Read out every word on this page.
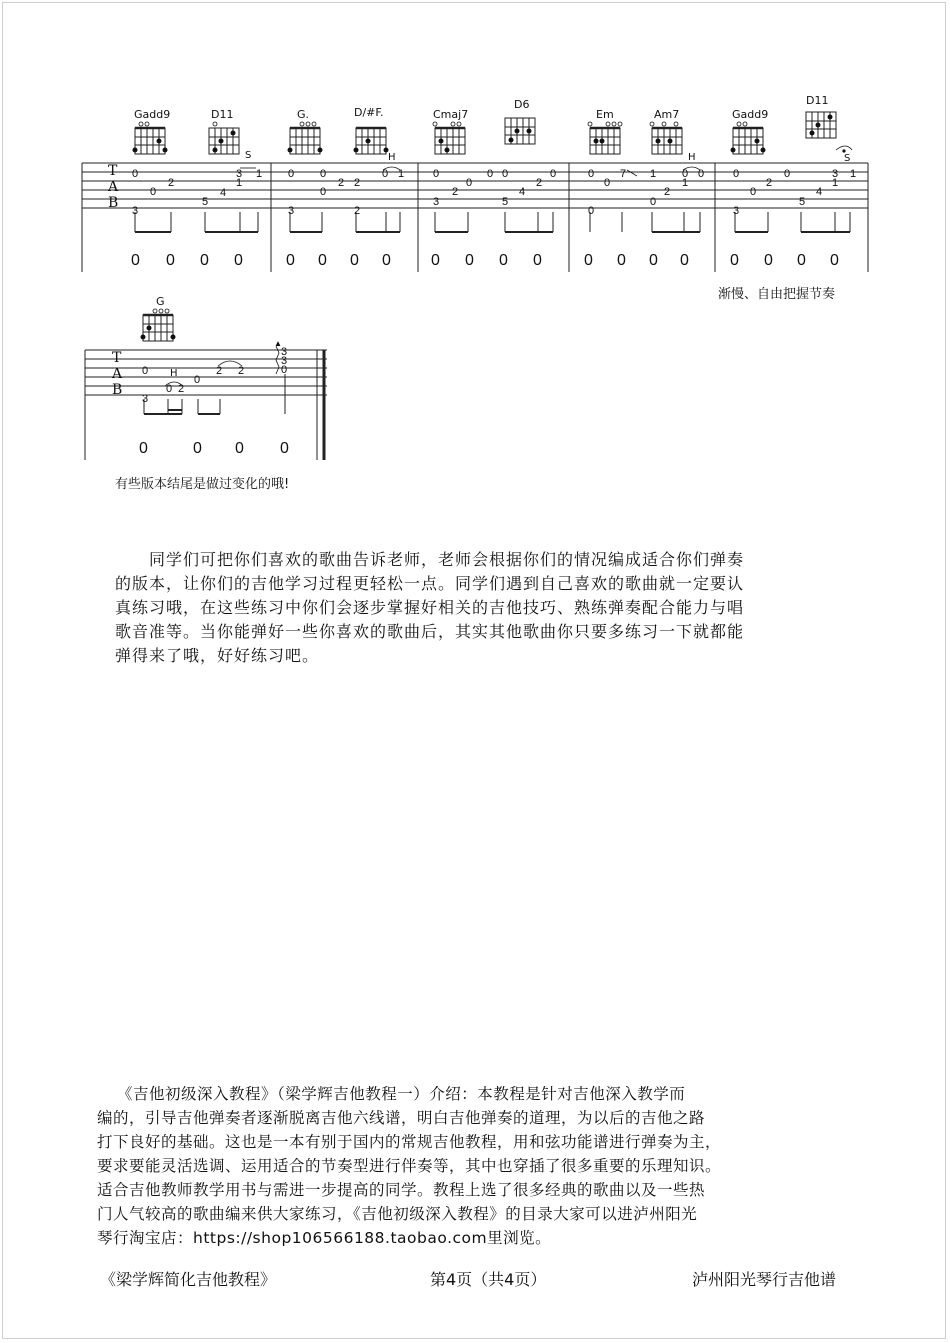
Gadd9	D11	G.	D/#F.	Cmaj7
D6
Em	Am7	Gadd9
D11
0
0
2
3
5
4
3
1
1 0 0
0
2 2
3	2
0 1	0
2
0
3
0 0
5
4
2
0	0
0
7
0
1
2
0
0
1
0	0
0
2
3
0
5
4
3
1
1
S	H	H	S
T
A
B
0 0 0 0	0 0 0 0	0 0 0 0	0 0 0 0	0 0 0 0
渐慢、自由把握节奏
G
0
3
0 2
0
2 2
3
3
0
H
T
A
B
0	0 0 0
有些版本结尾是做过变化的哦!
同学们可把你们喜欢的歌曲告诉老师，老师会根据你们的情况编成适合你们弹奏
的版本，让你们的吉他学习过程更轻松一点。同学们遇到自己喜欢的歌曲就一定要认
真练习哦，在这些练习中你们会逐步掌握好相关的吉他技巧、熟练弹奏配合能力与唱
歌音准等。当你能弹好一些你喜欢的歌曲后，其实其他歌曲你只要多练习一下就都能
弹得来了哦，好好练习吧。
《吉他初级深入教程》（梁学辉吉他教程一）介绍：本教程是针对吉他深入教学而
编的，引导吉他弹奏者逐渐脱离吉他六线谱，明白吉他弹奏的道理，为以后的吉他之路
打下良好的基础。这也是一本有别于国内的常规吉他教程，用和弦功能谱进行弹奏为主，
要求要能灵活选调、运用适合的节奏型进行伴奏等，其中也穿插了很多重要的乐理知识。
适合吉他教师教学用书与需进一步提高的同学。教程上选了很多经典的歌曲以及一些热
门人气较高的歌曲编来供大家练习，《吉他初级深入教程》的目录大家可以进泸州阳光
琴行淘宝店：https://shop106566188.taobao.com里浏览。
《梁学辉简化吉他教程》	第4页（共4页）	泸州阳光琴行吉他谱
